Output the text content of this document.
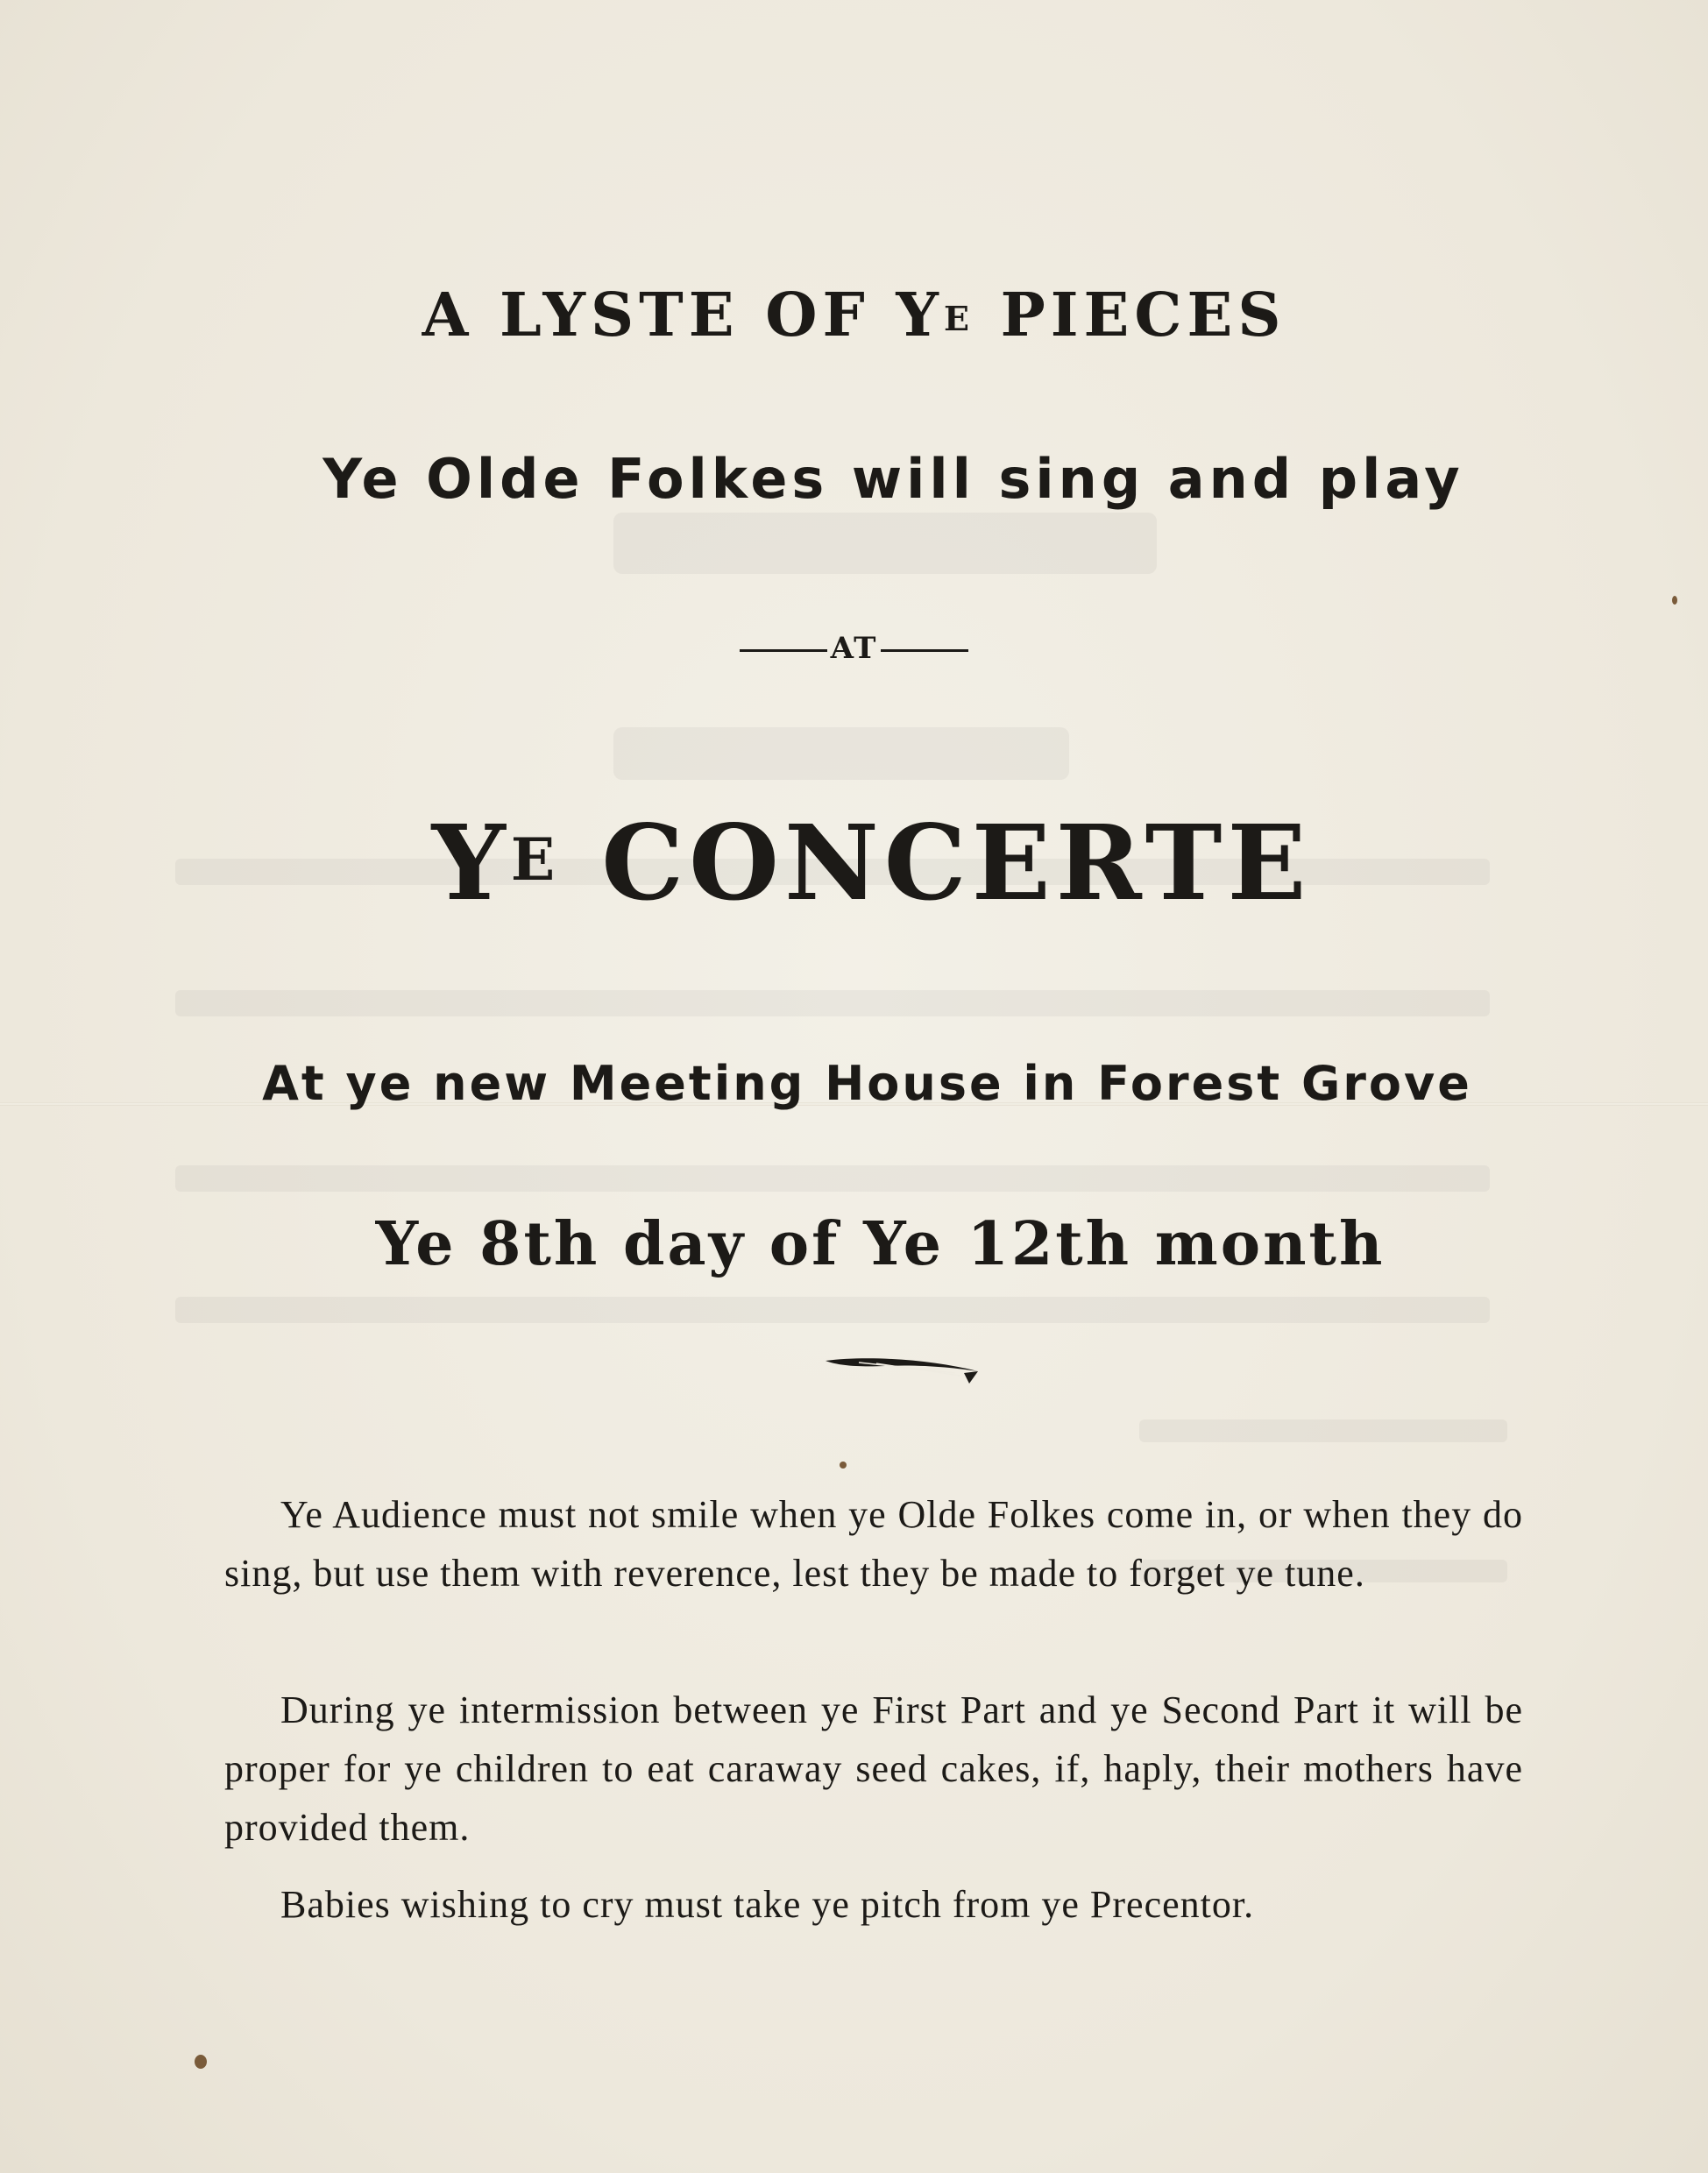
A LYSTE OF $Y^E$ PIECES
Ye Olde Folkes will sing and play
AT
$Y^E$ CONCERTE
At ye new Meeting House in Forest Grove
Ye 8th day of Ye 12th month

Ye Audience must not smile when ye Olde Folkes come in, or when they do sing, but use them with reverence, lest they be made to forget ye tune.

During ye intermission between ye First Part and ye Second Part it will be proper for ye children to eat caraway seed cakes, if, haply, their mothers have provided them.

Babies wishing to cry must take ye pitch from ye Precentor.
